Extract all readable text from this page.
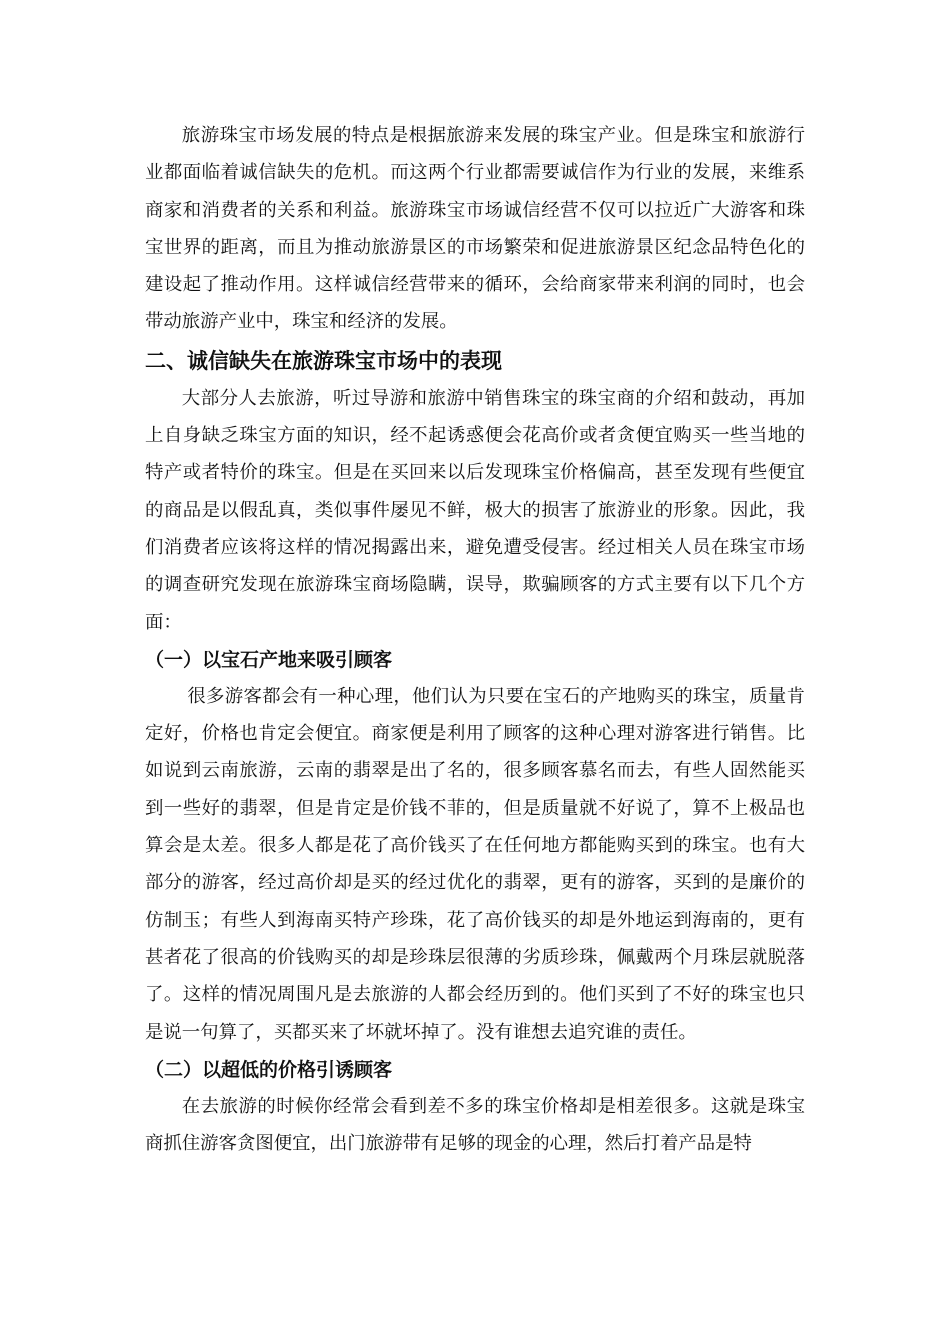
旅游珠宝市场发展的特点是根据旅游来发展的珠宝产业。但是珠宝和旅游行业都面临着诚信缺失的危机。而这两个行业都需要诚信作为行业的发展，来维系商家和消费者的关系和利益。旅游珠宝市场诚信经营不仅可以拉近广大游客和珠宝世界的距离，而且为推动旅游景区的市场繁荣和促进旅游景区纪念品特色化的建设起了推动作用。这样诚信经营带来的循环，会给商家带来利润的同时，也会带动旅游产业中，珠宝和经济的发展。

二、诚信缺失在旅游珠宝市场中的表现

大部分人去旅游，听过导游和旅游中销售珠宝的珠宝商的介绍和鼓动，再加上自身缺乏珠宝方面的知识，经不起诱惑便会花高价或者贪便宜购买一些当地的特产或者特价的珠宝。但是在买回来以后发现珠宝价格偏高，甚至发现有些便宜的商品是以假乱真，类似事件屡见不鲜，极大的损害了旅游业的形象。因此，我们消费者应该将这样的情况揭露出来，避免遭受侵害。经过相关人员在珠宝市场的调查研究发现在旅游珠宝商场隐瞒，误导，欺骗顾客的方式主要有以下几个方面：

（一）以宝石产地来吸引顾客

很多游客都会有一种心理，他们认为只要在宝石的产地购买的珠宝，质量肯定好，价格也肯定会便宜。商家便是利用了顾客的这种心理对游客进行销售。比如说到云南旅游，云南的翡翠是出了名的，很多顾客慕名而去，有些人固然能买到一些好的翡翠，但是肯定是价钱不菲的，但是质量就不好说了，算不上极品也算会是太差。很多人都是花了高价钱买了在任何地方都能购买到的珠宝。也有大部分的游客，经过高价却是买的经过优化的翡翠，更有的游客，买到的是廉价的仿制玉；有些人到海南买特产珍珠，花了高价钱买的却是外地运到海南的，更有甚者花了很高的价钱购买的却是珍珠层很薄的劣质珍珠，佩戴两个月珠层就脱落了。这样的情况周围凡是去旅游的人都会经历到的。他们买到了不好的珠宝也只是说一句算了，买都买来了坏就坏掉了。没有谁想去追究谁的责任。

（二）以超低的价格引诱顾客

在去旅游的时候你经常会看到差不多的珠宝价格却是相差很多。这就是珠宝商抓住游客贪图便宜，出门旅游带有足够的现金的心理，然后打着产品是特
